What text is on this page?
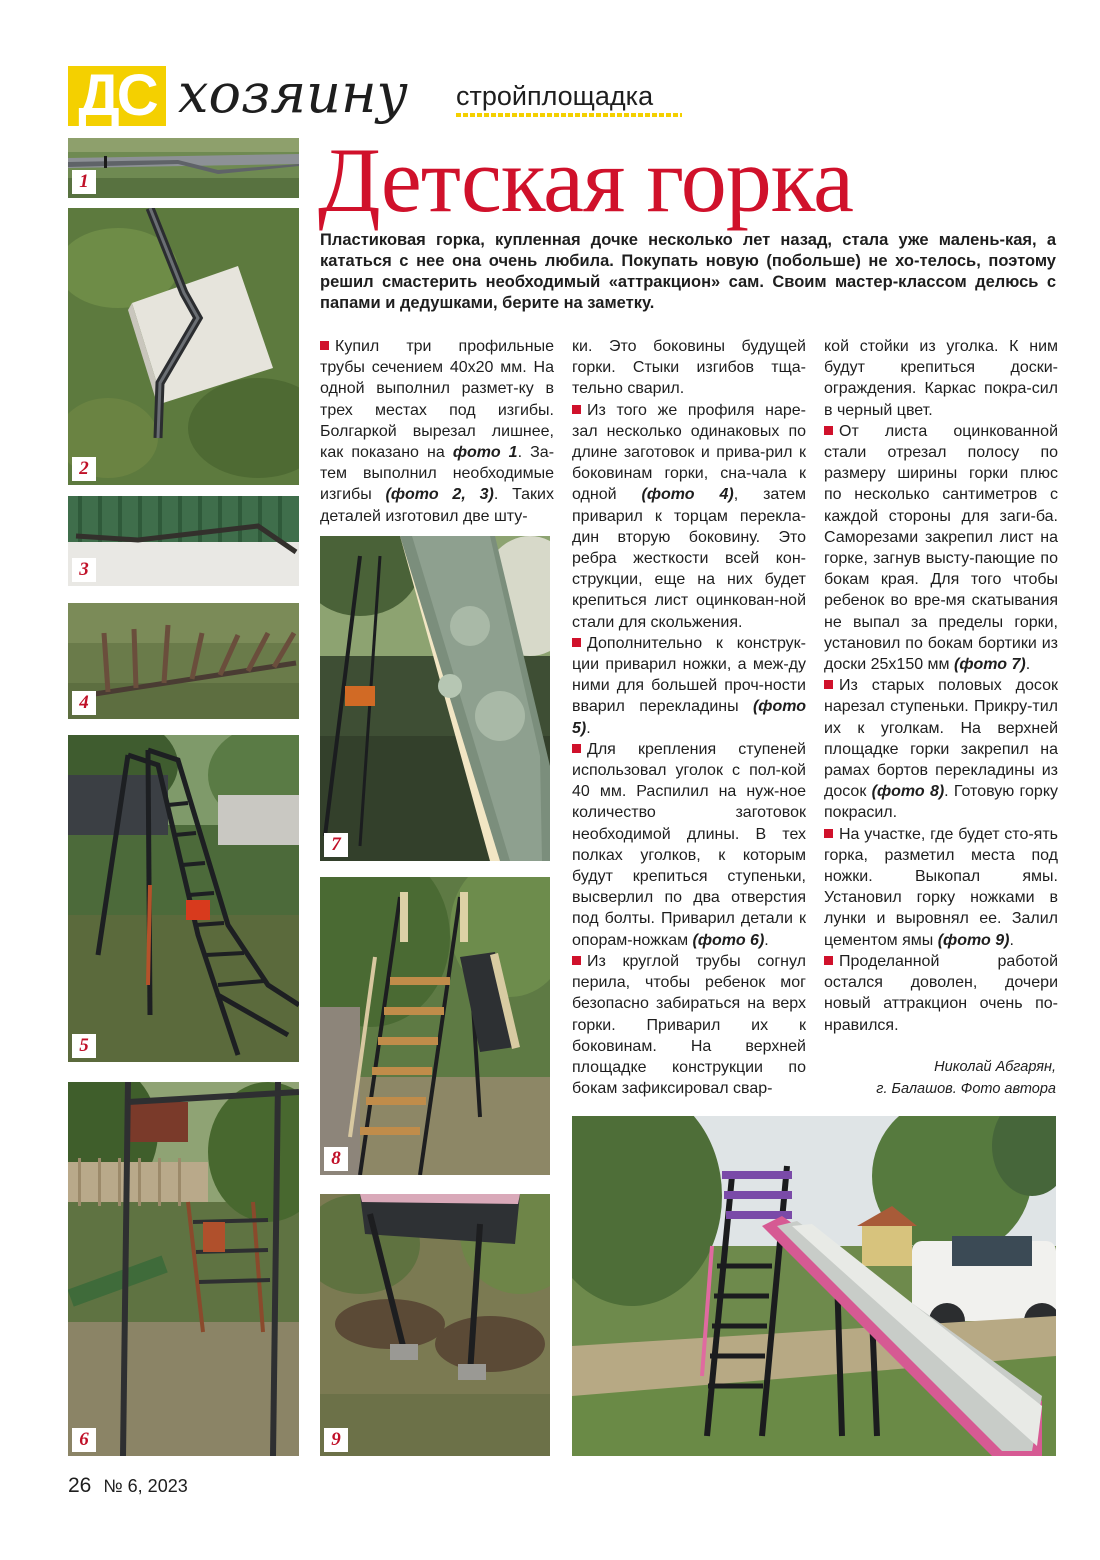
ДС хозяину стройплощадка
Детская горка
Пластиковая горка, купленная дочке несколько лет назад, стала уже малень-кая, а кататься с нее она очень любила. Покупать новую (побольше) не хо-телось, поэтому решил смастерить необходимый «аттракцион» сам. Своим мастер-классом делюсь с папами и дедушками, берите на заметку.
1
2
3
4
5
6
7
8
9

Купил три профильные трубы сечением 40х20 мм. На одной выполнил размет-ку в трех местах под изгибы. Болгаркой вырезал лишнее, как показано на фото 1. За-тем выполнил необходимые изгибы (фото 2, 3). Таких деталей изготовил две шту-

ки. Это боковины будущей горки. Стыки изгибов тща-тельно сварил.

Из того же профиля наре-зал несколько одинаковых по длине заготовок и прива-рил к боковинам горки, сна-чала к одной (фото 4), затем приварил к торцам перекла-дин вторую боковину. Это ребра жесткости всей кон-струкции, еще на них будет крепиться лист оцинкован-ной стали для скольжения.

Дополнительно к конструк-ции приварил ножки, а меж-ду ними для большей проч-ности вварил перекладины (фото 5).

Для крепления ступеней использовал уголок с пол-кой 40 мм. Распилил на нуж-ное количество заготовок необходимой длины. В тех полках уголков, к которым будут крепиться ступеньки, высверлил по два отверстия под болты. Приварил детали к опорам-ножкам (фото 6).

Из круглой трубы согнул перила, чтобы ребенок мог безопасно забираться на верх горки. Приварил их к боковинам. На верхней площадке конструкции по бокам зафиксировал свар-

кой стойки из уголка. К ним будут крепиться доски-ограждения. Каркас покра-сил в черный цвет.

От листа оцинкованной стали отрезал полосу по размеру ширины горки плюс по несколько сантиметров с каждой стороны для заги-ба. Саморезами закрепил лист на горке, загнув высту-пающие по бокам края. Для того чтобы ребенок во вре-мя скатывания не выпал за пределы горки, установил по бокам бортики из доски 25х150 мм (фото 7).

Из старых половых досок нарезал ступеньки. Прикру-тил их к уголкам. На верхней площадке горки закрепил на рамах бортов перекладины из досок (фото 8). Готовую горку покрасил.

На участке, где будет сто-ять горка, разметил места под ножки. Выкопал ямы. Установил горку ножками в лунки и выровнял ее. Залил цементом ямы (фото 9).

Проделанной работой остался доволен, дочери новый аттракцион очень по-нравился.

Николай Абгарян,
г. Балашов. Фото автора
26 № 6, 2023
